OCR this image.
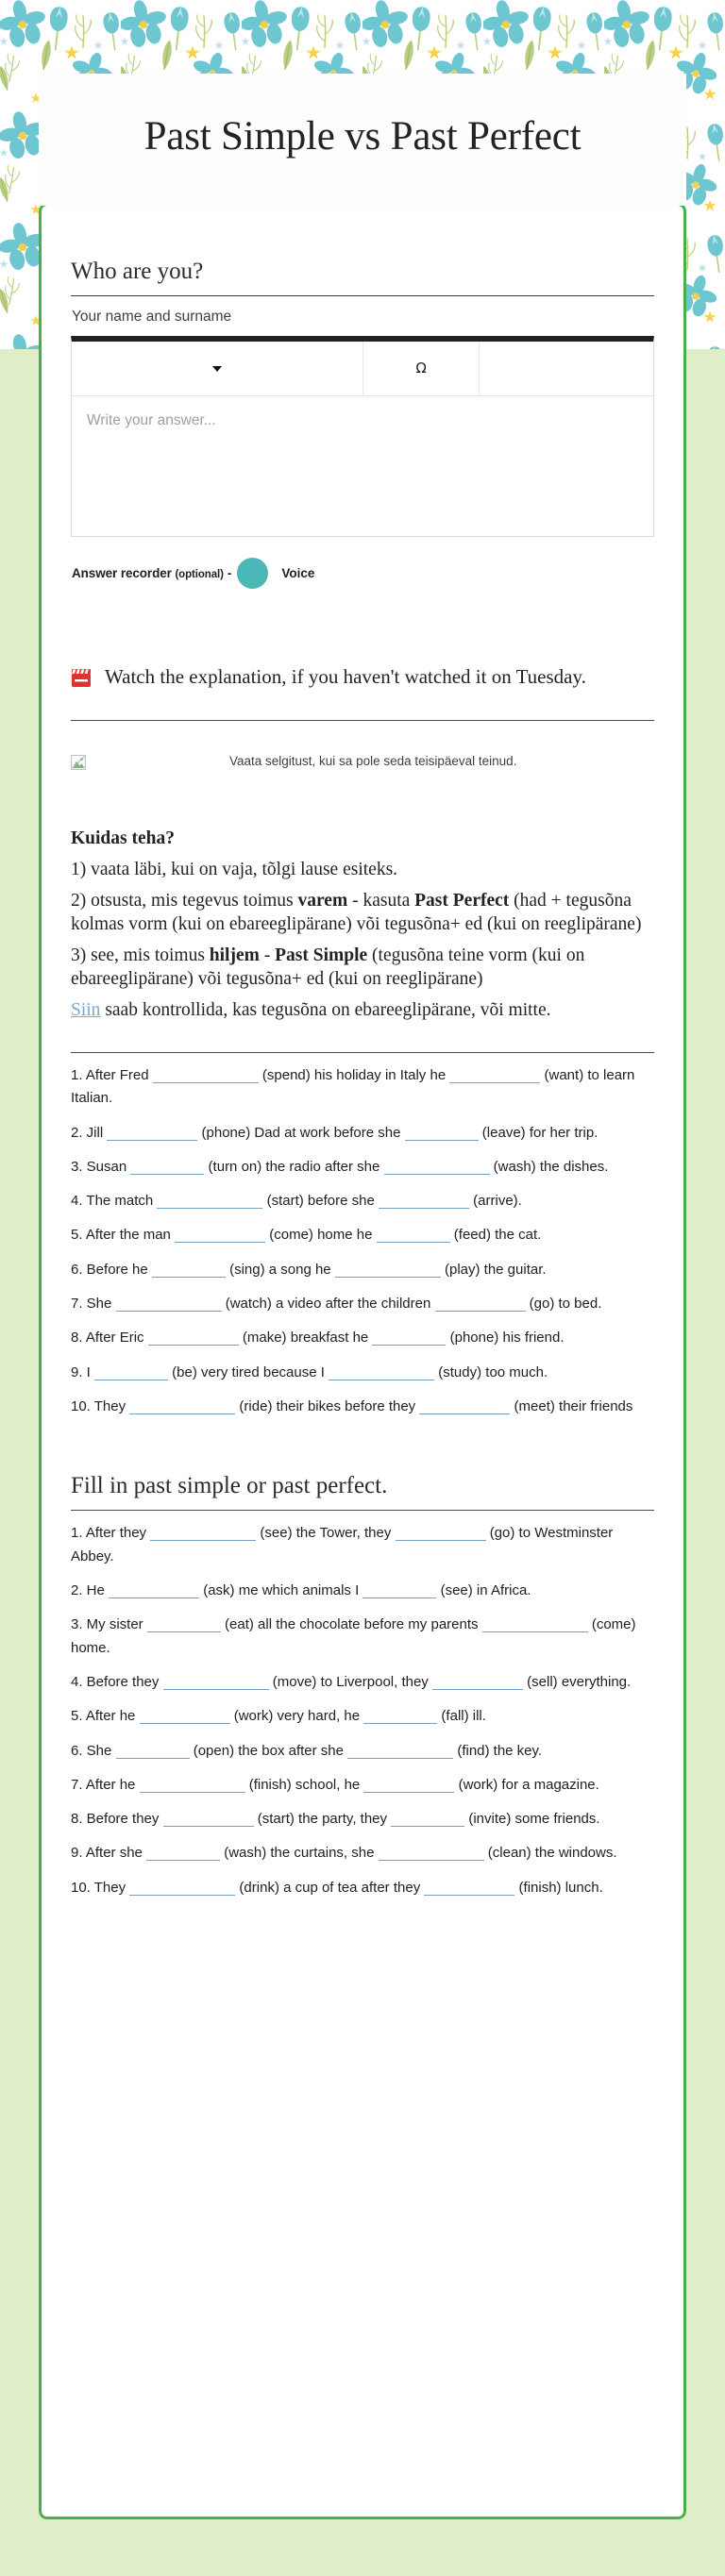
Past Simple vs Past Perfect
Who are you?
Your name and surname
Ω
Write your answer...
Answer recorder (optional) -	Voice
Watch the explanation, if you haven't watched it on Tuesday.
Vaata selgitust, kui sa pole seda teisipäeval teinud.
Kuidas teha?

1) vaata läbi, kui on vaja, tõlgi lause esiteks.

2) otsusta, mis tegevus toimus varem - kasuta Past Perfect (had + tegusõna kolmas vorm (kui on ebareeglipärane) või tegusõna+ ed (kui on reeglipärane)

3) see, mis toimus hiljem - Past Simple (tegusõna teine vorm (kui on ebareeglipärane) või tegusõna+ ed (kui on reeglipärane)

Siin saab kontrollida, kas tegusõna on ebareeglipärane, või mitte.

1. After Fred	(spend) his holiday in Italy he	(want) to learn Italian.
2. Jill	(phone) Dad at work before she	(leave) for her trip.
3. Susan	(turn on) the radio after she	(wash) the dishes.
4. The match	(start) before she	(arrive).
5. After the man	(come) home he	(feed) the cat.
6. Before he	(sing) a song he	(play) the guitar.
7. She	(watch) a video after the children	(go) to bed.
8. After Eric	(make) breakfast he	(phone) his friend.
9. I	(be) very tired because I	(study) too much.
10. They	(ride) their bikes before they	(meet) their friends
Fill in past simple or past perfect.
1. After they	(see) the Tower, they	(go) to Westminster Abbey.
2. He	(ask) me which animals I	(see) in Africa.
3. My sister	(eat) all the chocolate before my parents	(come) home.
4. Before they	(move) to Liverpool, they	(sell) everything.
5. After he	(work) very hard, he	(fall) ill.
6. She	(open) the box after she	(find) the key.
7. After he	(finish) school, he	(work) for a magazine.
8. Before they	(start) the party, they	(invite) some friends.
9. After she	(wash) the curtains, she	(clean) the windows.
10. They	(drink) a cup of tea after they	(finish) lunch.
